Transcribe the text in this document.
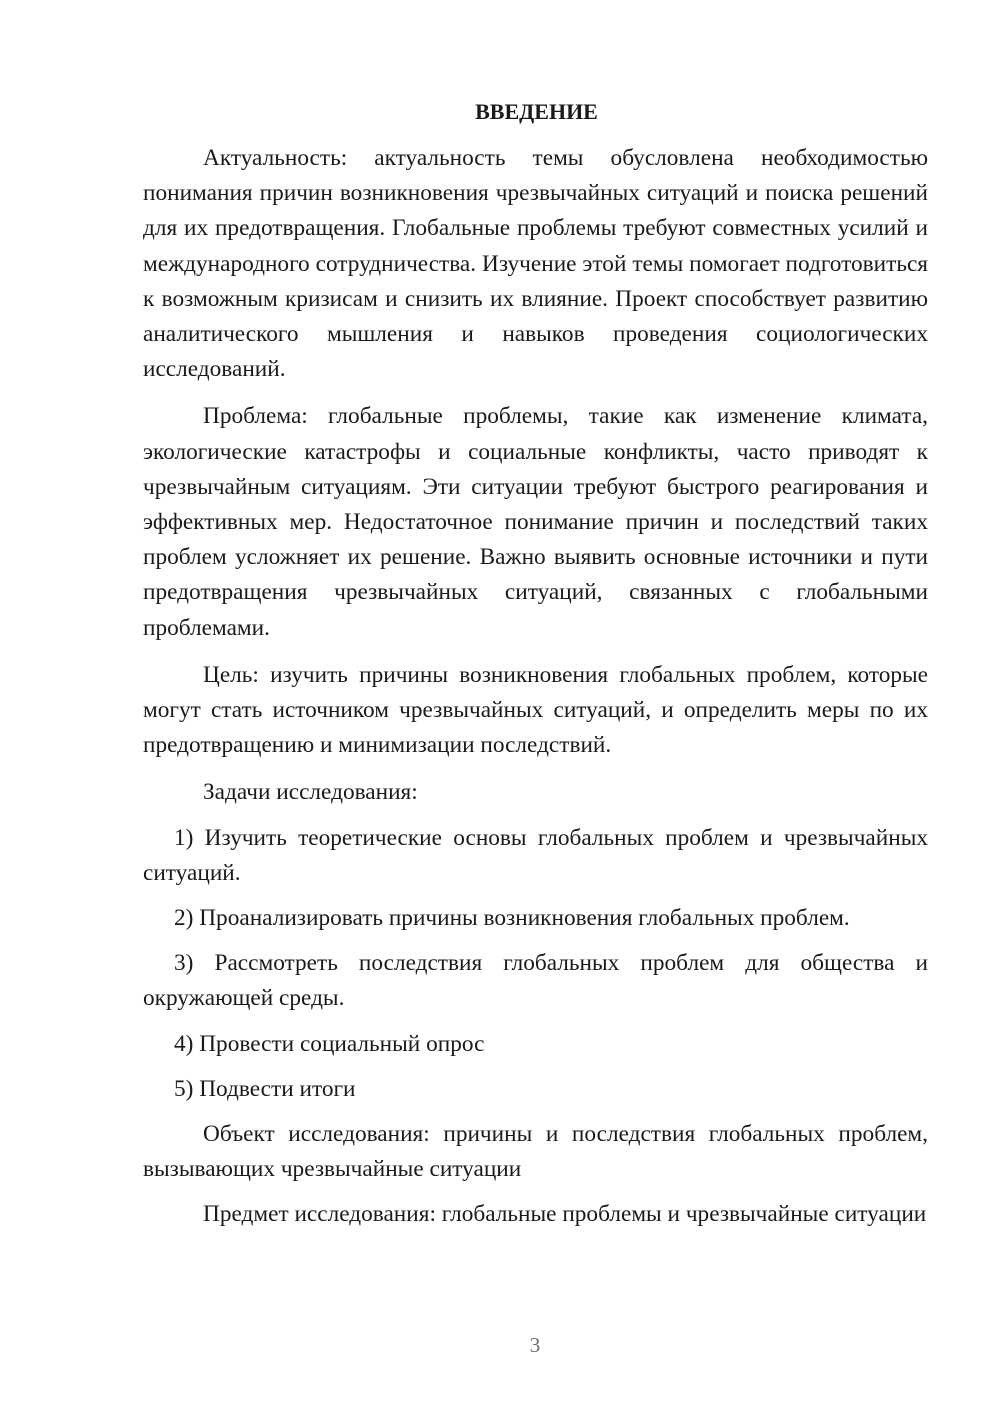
ВВЕДЕНИЕ

Актуальность: актуальность темы обусловлена необходимостью понимания причин возникновения чрезвычайных ситуаций и поиска решений для их предотвращения. Глобальные проблемы требуют совместных усилий и международного сотрудничества. Изучение этой темы помогает подготовиться к возможным кризисам и снизить их влияние. Проект способствует развитию аналитического мышления и навыков проведения социологических исследований.

Проблема: глобальные проблемы, такие как изменение климата, экологические катастрофы и социальные конфликты, часто приводят к чрезвычайным ситуациям. Эти ситуации требуют быстрого реагирования и эффективных мер. Недостаточное понимание причин и последствий таких проблем усложняет их решение. Важно выявить основные источники и пути предотвращения чрезвычайных ситуаций, связанных с глобальными проблемами.

Цель: изучить причины возникновения глобальных проблем, которые могут стать источником чрезвычайных ситуаций, и определить меры по их предотвращению и минимизации последствий.

Задачи исследования:

1) Изучить теоретические основы глобальных проблем и чрезвычайных ситуаций.

2) Проанализировать причины возникновения глобальных проблем.

3) Рассмотреть последствия глобальных проблем для общества и окружающей среды.

4) Провести социальный опрос

5) Подвести итоги

Объект исследования: причины и последствия глобальных проблем, вызывающих чрезвычайные ситуации

Предмет исследования: глобальные проблемы и чрезвычайные ситуации

3
